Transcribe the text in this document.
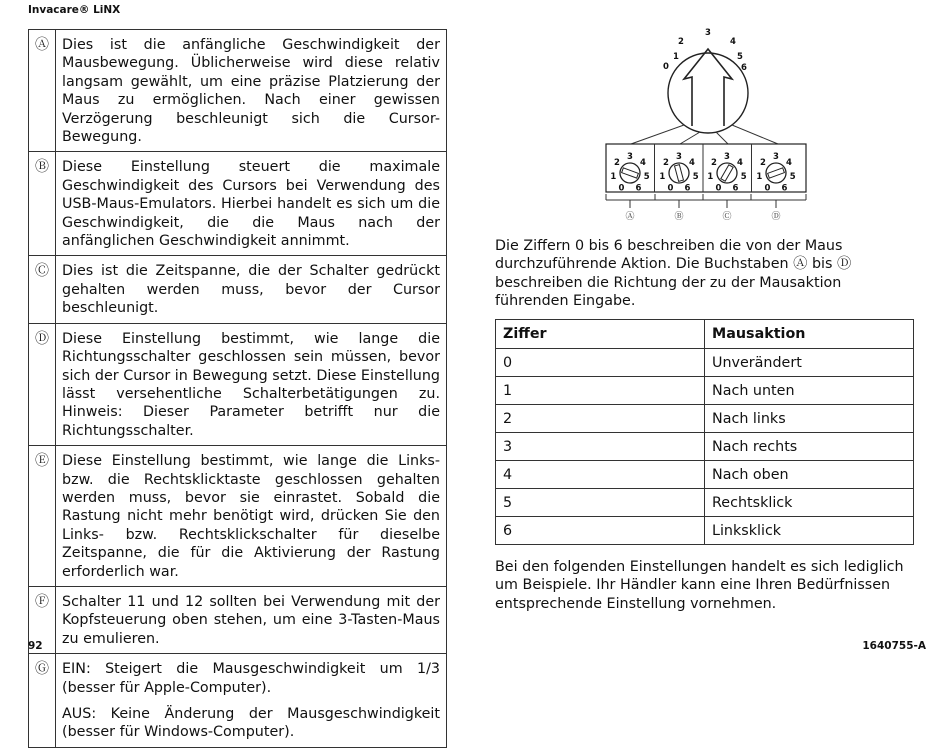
Invacare® LiNX
Ⓐ	Dies ist die anfängliche Geschwindigkeit der Mausbewegung. Üblicherweise wird diese relativ langsam gewählt, um eine präzise Platzierung der Maus zu ermöglichen. Nach einer gewissen Verzögerung beschleunigt sich die Cursor-Bewegung.

Ⓑ	Diese Einstellung steuert die maximale Geschwindigkeit des Cursors bei Verwendung des USB-Maus-Emulators. Hierbei handelt es sich um die Geschwindigkeit, die die Maus nach der anfänglichen Geschwindigkeit annimmt.

Ⓒ	Dies ist die Zeitspanne, die der Schalter gedrückt gehalten werden muss, bevor der Cursor beschleunigt.

Ⓓ	Diese Einstellung bestimmt, wie lange die Richtungsschalter geschlossen sein müssen, bevor sich der Cursor in Bewegung setzt. Diese Einstellung lässt versehentliche Schalterbetätigungen zu. Hinweis: Dieser Parameter betrifft nur die Richtungsschalter.

Ⓔ	Diese Einstellung bestimmt, wie lange die Links- bzw. die Rechtsklicktaste geschlossen gehalten werden muss, bevor sie einrastet. Sobald die Rastung nicht mehr benötigt wird, drücken Sie den Links- bzw. Rechtsklickschalter für dieselbe Zeitspanne, die für die Aktivierung der Rastung erforderlich war.

Ⓕ	Schalter 11 und 12 sollten bei Verwendung mit der Kopfsteuerung oben stehen, um eine 3-Tasten-Maus zu emulieren.

Ⓖ	EIN: Steigert die Mausgeschwindigkeit um 1/3 (besser für Apple-Computer).

AUS: Keine Änderung der Mausgeschwindigkeit (besser für Windows-Computer).

0
1
2
3
4
5
6
0
1
2
3
4
5
6	0
1
2
3
4
5
6	0
1
2
3
4
5
6	0
1
2
3
4
5
6
Ⓐ	Ⓑ	Ⓒ	Ⓓ
Die Ziffern 0 bis 6 beschreiben die von der Maus durchzuführende Aktion. Die Buchstaben Ⓐ bis Ⓓ beschreiben die Richtung der zu der Mausaktion führenden Eingabe.
Ziffer	Mausaktion
0	Unverändert
1	Nach unten
2	Nach links
3	Nach rechts
4	Nach oben
5	Rechtsklick
6	Linksklick
Bei den folgenden Einstellungen handelt es sich lediglich um Beispiele. Ihr Händler kann eine Ihren Bedürfnissen entsprechende Einstellung vornehmen.
92	1640755-A
